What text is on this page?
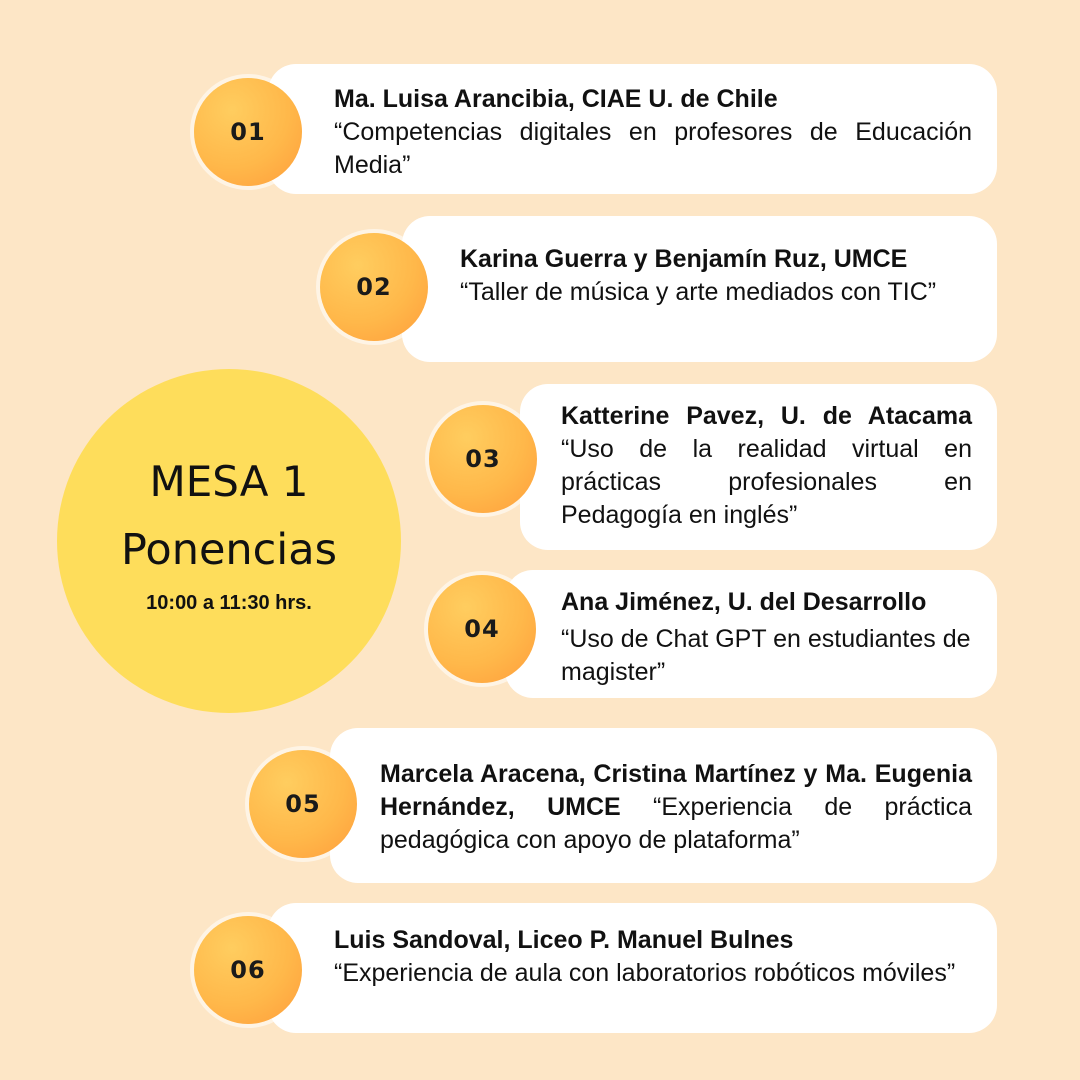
MESA 1
Ponencias
10:00 a 11:30 hrs.
01
Ma. Luisa Arancibia, CIAE U. de Chile
“Competencias digitales en profesores de Educación Media”
02
Karina Guerra y Benjamín Ruz, UMCE
“Taller de música y arte mediados con TIC”
03
Katterine Pavez, U. de Atacama “Uso de la realidad virtual en prácticas profesionales en Pedagogía en inglés”
04
Ana Jiménez, U. del Desarrollo
“Uso de Chat GPT en estudiantes de magister”
05
Marcela Aracena, Cristina Martínez y Ma. Eugenia Hernández, UMCE “Experiencia de práctica pedagógica con apoyo de plataforma”
06
Luis Sandoval, Liceo P. Manuel Bulnes
“Experiencia de aula con laboratorios robóticos móviles”
